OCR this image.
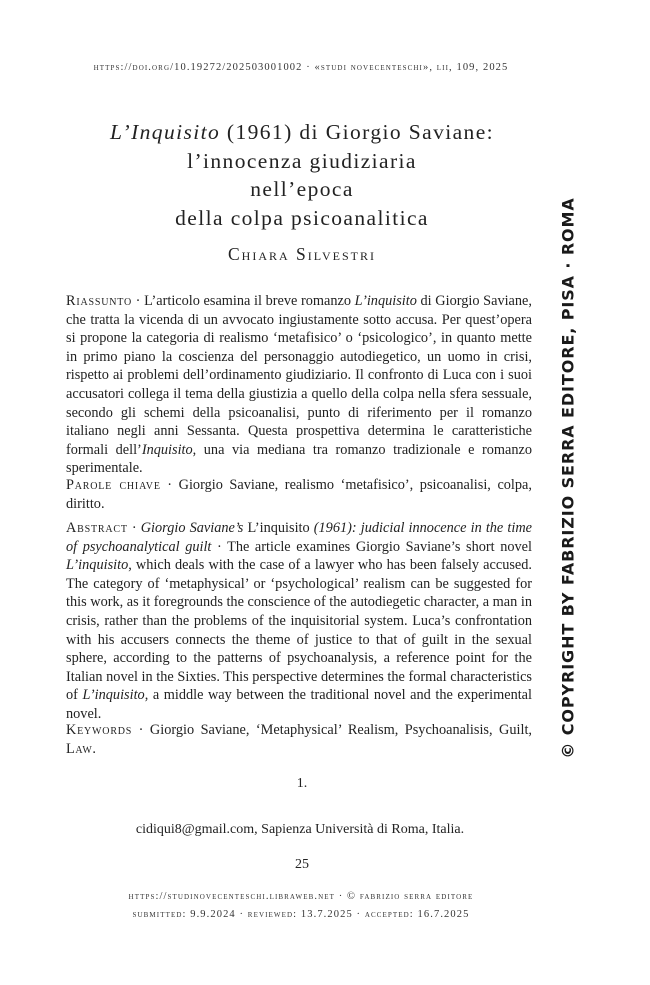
https://doi.org/10.19272/202503001002 · «studi novecenteschi», lii, 109, 2025
L’Inquisito (1961) di Giorgio Saviane:
l’innocenza giudiziaria
nell’epoca
della colpa psicoanalitica
Chiara Silvestri
Riassunto · L’articolo esamina il breve romanzo L’inquisito di Giorgio Saviane, che tratta la vicenda di un avvocato ingiustamente sotto accusa. Per quest’opera si propone la categoria di realismo ‘metafisico’ o ‘psicologico’, in quanto mette in primo piano la coscienza del personaggio autodiegetico, un uomo in crisi, rispetto ai problemi dell’ordinamento giudiziario. Il confronto di Luca con i suoi accusatori collega il tema della giustizia a quello della colpa nella sfera sessuale, secondo gli schemi della psicoanalisi, punto di riferimento per il romanzo italiano negli anni Sessanta. Questa prospettiva determina le caratteristiche formali dell’Inquisito, una via mediana tra romanzo tradizionale e romanzo sperimentale.
Parole chiave · Giorgio Saviane, realismo ‘metafisico’, psicoanalisi, colpa, diritto.
Abstract · Giorgio Saviane’s L’inquisito (1961): judicial innocence in the time of psychoanalytical guilt · The article examines Giorgio Saviane’s short novel L’inquisito, which deals with the case of a lawyer who has been falsely accused. The category of ‘metaphysical’ or ‘psychological’ realism can be suggested for this work, as it foregrounds the conscience of the autodiegetic character, a man in crisis, rather than the problems of the inquisitorial system. Luca’s confrontation with his accusers connects the theme of justice to that of guilt in the sexual sphere, according to the patterns of psychoanalysis, a reference point for the Italian novel in the Sixties. This perspective determines the formal characteristics of L’inquisito, a middle way between the traditional novel and the experimental novel.
Keywords · Giorgio Saviane, ‘Metaphysical’ Realism, Psychoanalisis, Guilt, Law.
1.
cidiqui8@gmail.com, Sapienza Università di Roma, Italia.
25
https://studinovecenteschi.libraweb.net · © fabrizio serra editore
submitted: 9.9.2024 · reviewed: 13.7.2025 · accepted: 16.7.2025
© COPYRIGHT BY FABRIZIO SERRA EDITORE, PISA · ROMA
